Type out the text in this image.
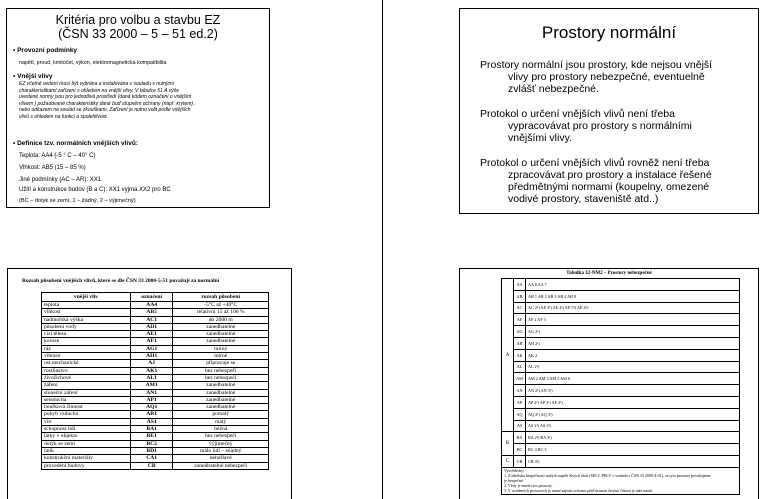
Kritéria pro volbu a stavbu EZ
(ČSN 33 2000 – 5 – 51 ed.2)
• Provozní podmínky
napětí, proud, kmitočet, výkon, elektromagnetická kompatibilita
• Vnější vlivy
EZ včetně vedení musí být vybrána a instalována v souladu s nutnými
charakteristikami zařízení s ohledem na vnější vlivy. V tabulce 51.A výše
uvedené normy jsou pro jednotlivá prostředí (daná kódem označení o vnějším
vlivem ) požadované charakteristiky dané buď stupněm ochrany (např. krytem) ,
nebo odkazem na soulad se zkouškami. Zařízení je nutno volit podle vnějších
vlivů s ohledem na funkci a spolehlivost.
• Definice tzv. normálních vnějších vlivů:
Teplota: AA4 (-5 ° C – 40° C)
Vlhkost: AB5 (15 – 85 %)
Jiné podmínky (AC – AR): XX1
Užití a konstrukce budov (B a C): XX1 vyjma XX2 pro BC
(BC – dotyk se zemí, 1 – žádný, 2 – výjimečný)
Prostory normální
Prostory normální jsou prostory, kde nejsou vnější
vlivy pro prostory nebezpečné, eventuelně
zvlášť nebezpečné.
Protokol o určení vnějších vlivů není třeba
vypracovávat pro prostory s normálními
vnějšími vlivy.
Protokol o určení vnějších vlivů rovněž není třeba
zpracovávat pro prostory a instalace řešené
předmětnými normami (koupelny, omezené
vodivé prostory, staveniště atd..)
Rozsah působení vnějších vlivů, které se dle ČSN 33 2000-5-51 považují za normální
vnější vliv	označení	rozsah působení
teplota	AA4	-5°C až +40°C
vlhkost	AB5	relativní 15 až 100 %
nadmořská výška	AC1	do 2000 m
působení vody	AD1	zanedbatelné
cizí tělesa	AE1	zanedbatelné
koroze	AF1	zanedbatelné
ráz	AG1	mírný
vibrace	AH1	mírné
ost.mechanické	AJ	připravuje se
rostlinstvo	AK1	bez nebezpečí
živočichové	AL1	bez nebezpečí
záření	AM1	zanedbatelné
sluneční záření	AN1	zanedbatelné
seismicita	AP1	zanedbatelné
bouřková činnost	AQ1	zanedbatelné
pohyb vzduchu	AR1	pomalý
vítr	AS1	malý
schopnost lidí	BA1	běžná
látky v objektu	BE1	bez nebezpečí
dotyk se zemí	BC2	výjimečný
únik	BD1	málo lidí – snadný
konstrukční materiály	CA1	nehořlavé
provedení budovy	CB	zanedbatelné nebezpečí
Tabulka 32-NM2 – Prostory nebezpečné
A	AA	AA 6 AA 7
	AB	AB 1 AB 2 AB 3 AB 4 AB 8
	AC	AC 2¹) AE 3¹) AE 4¹) AE 5¹) AE 6¹)
	AF	AF 2 AF 3
	AG	AG 2¹)
	AH	AH 2¹)
	AK	AK 2
	AL	AL 2¹)
	AM	AM 2 AM 3 AM 5 AM 6
	AN	AN 2¹) AN 3¹)
	AP	AP 2¹) AP 3¹) AP 4¹)
	AQ	AQ 2¹) AQ 3¹)
	AS	AS 2¹) AS 3¹)
B	BA	BA 2²) BA 3¹)
	BC	BC 4 BC 3
C	CB	CB 4¹)
Vysvětlivky:
1. Z hlediska bezpečnosti malých napětí živých částí (SELV, PELV v souladu s ČSN 33 2000-4-41), za tyto prostory považujeme
je bezpečné.
2. Vždy je nutné tyto prostory.
3. V uvedených prostorech je nutné zajistit ochranu před úrazem živými částmi je také nutné.
